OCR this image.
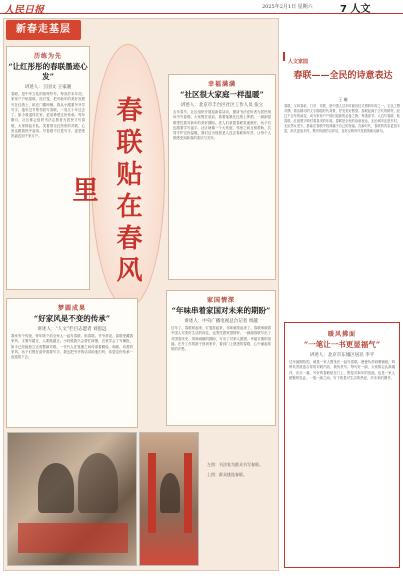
人民日报	2025年2月1日 星期六	7 人文
新春走基层
历练为先
“让红彤彤的春联墨迹心发”
讲述人：王国文 王家骏
春联，是中华文化的独特符号。每到岁末年初，家家户户贴春联、挂灯笼，把对新年的美好祝愿写在红纸上，贴在门楣两侧。我从小跟着爷爷学写字，逢年过节帮邻居写春联，一晃几十年过去了。如今我退休在家，更加珍惜这份传承。每年腊月，社区都会组织书法志愿者为居民义写春联，大家排起长队，笑着领走红彤彤的对联，心里也跟着热乎起来。写春联不仅是写字，更是把祝福送到千家万户。	春联贴在春风里
幸福满满
“社区很大家庭一样温暖”
讲述人：北京市丰台区社区工作人员 张立
去年春节，社区组织开展迎新春活动，邀请书法爱好者为居民现场书写春联。大家围在桌前，看着笔墨在红纸上挥洒，一副副春联寄托着对新年的美好期盼。老人们拿着春联笑逐颜开，孩子们也跟着学写福字。社区就像一个大家庭，邻里之间互相帮助，共同守护这份温暖。我们还为独居老人送去春联和年货，让每个人都感受到新春的喜庆与关怀。
梦圆成果
“好家风是不变的传承”
讲述人：“人文”栏目志愿者 刘思远
我家有个传统，每年除夕前全家人一起写春联、贴春联。爷爷常说，春联里藏着家风，字要写端正，人要做端正。小时候我只会帮忙研墨，后来学会了写横批，如今已经能独立完成整副对联。一代代人在笔墨之间传承着勤俭、和睦、向善的家风。孩子们围在桌旁看我写字，我也把爷爷的话讲给他们听，希望这份传承一直延续下去。
家国情深
“年味串着家国对未来的期盼”
讲述人：中央广播电视总台记者 周越
过年了，春联贴起来，灯笼挂起来，年味就浓起来了。春联承载着中国人对美好生活的向往，也寄托着家国情怀。一副副春联写出了对国泰民安、风调雨顺的期盼，写出了对家人团圆、幸福安康的祝福。在外工作的游子回到家乡，看到门上熟悉的春联，心中涌起浓浓的乡愁。
左图：书法家为群众书写春联。
上图：群众挑选春联。
人文家园
春联——全民的诗意表达
王 曦
春联，又叫春帖、门对、对联，是中国人过年时最具仪式感的年俗之一。它以工整对偶、简洁精巧的文字描绘时代背景，抒发美好愿望。春联起源于古代的桃符，经过千百年的演变，成为家家户户辞旧迎新的必备之物。每逢春节，人们写春联、贴春联，红纸黑字映衬着喜庆的年味。春联是全民的诗意表达，无论城市还是乡村，无论男女老少，都能在春联中找到属于自己的祝福。在新时代，春联的内容更加丰富，形式更加多样，既有传统的吉祥话，也有反映时代发展的新词新句。
暖风拂面
“一笔让一书更显福气”
讲述人：北京市东城区居民 李平
过年最期待的，就是一家人围坐在一起写春联。爸爸负责研墨铺纸，妈妈负责挑选吉祥的对联内容，我负责写。每写好一副，大家都会认真端详，评点一番。写好的春联贴在门上，既是对新年的祝福，也是一家人团聚的见证。一笔一画之间，写下的是对生活的热爱，对未来的期许。
